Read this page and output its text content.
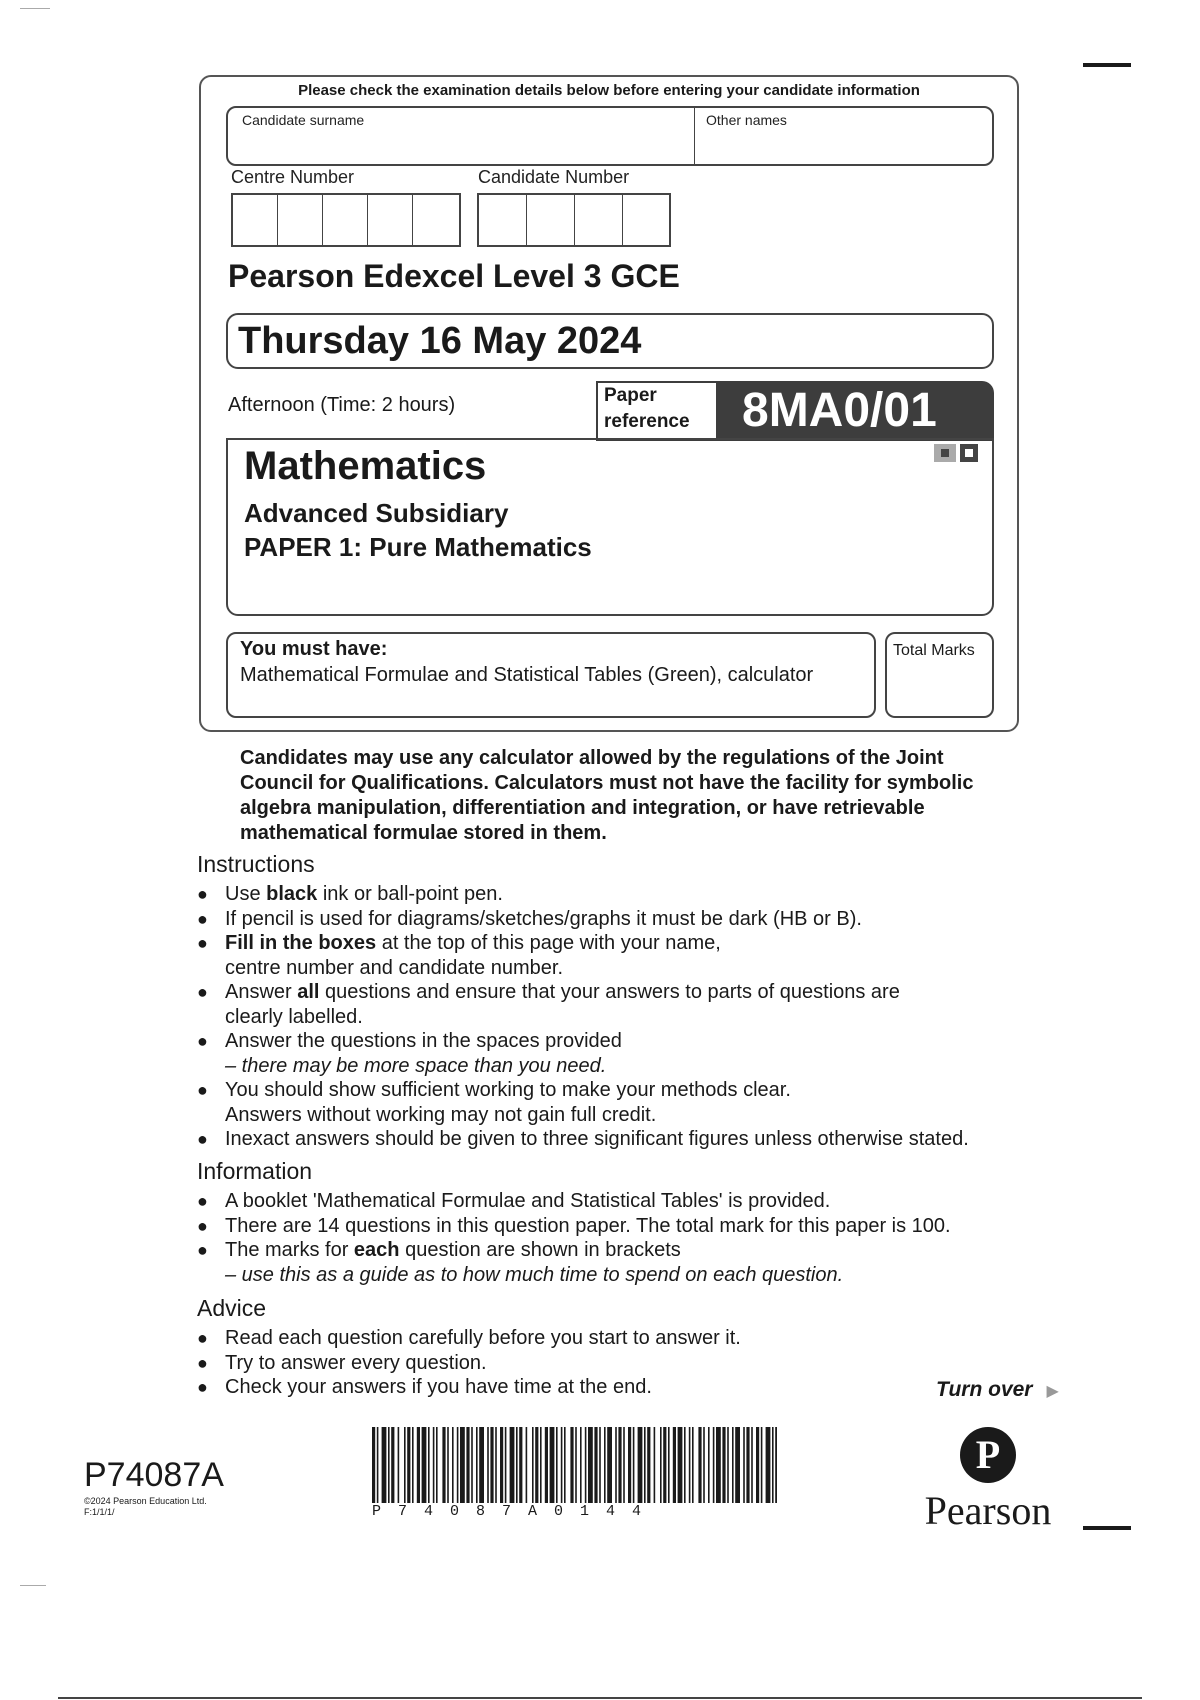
Please check the examination details below before entering your candidate information
Candidate surname	Other names
Centre Number	Candidate Number
Pearson Edexcel Level 3 GCE
Thursday 16 May 2024
Afternoon (Time: 2 hours)	Paper
reference	8MA0/01
Mathematics
Advanced Subsidiary
PAPER 1: Pure Mathematics
You must have:
Mathematical Formulae and Statistical Tables (Green), calculator
Total Marks
Candidates may use any calculator allowed by the regulations of the Joint Council for Qualifications. Calculators must not have the facility for symbolic algebra manipulation, differentiation and integration, or have retrievable mathematical formulae stored in them.
Instructions
● Use black ink or ball-point pen.
● If pencil is used for diagrams/sketches/graphs it must be dark (HB or B).
● Fill in the boxes at the top of this page with your name,
centre number and candidate number.
● Answer all questions and ensure that your answers to parts of questions are
clearly labelled.
● Answer the questions in the spaces provided
– there may be more space than you need.
● You should show sufficient working to make your methods clear.
Answers without working may not gain full credit.
● Inexact answers should be given to three significant figures unless otherwise stated.
Information
● A booklet 'Mathematical Formulae and Statistical Tables' is provided.
● There are 14 questions in this question paper. The total mark for this paper is 100.
● The marks for each question are shown in brackets
– use this as a guide as to how much time to spend on each question.
Advice
● Read each question carefully before you start to answer it.
● Try to answer every question.
● Check your answers if you have time at the end.	Turn over ▶
P74087A
©2024 Pearson Education Ltd.
F:1/1/1/	P74087A0144
P
Pearson
